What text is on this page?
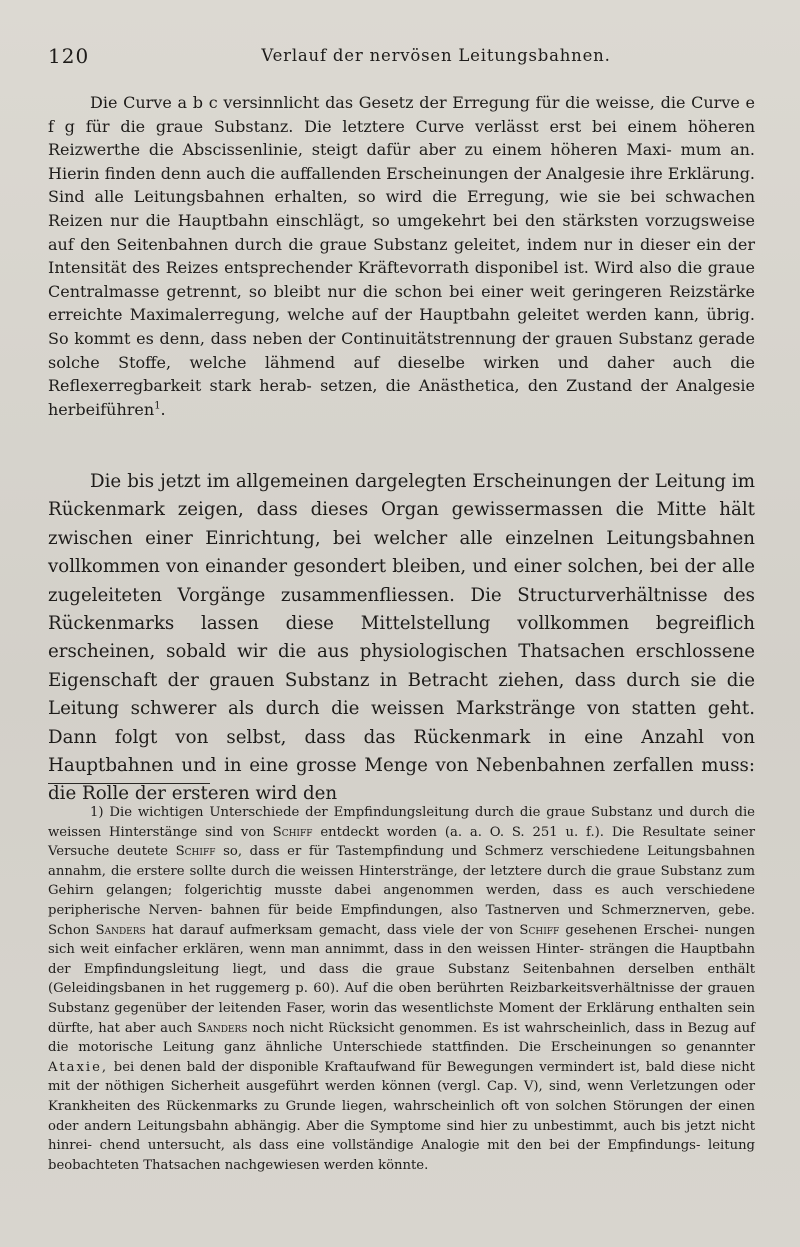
120	Verlauf der nervösen Leitungsbahnen.

Die Curve a b c versinnlicht das Gesetz der Erregung für die weisse, die Curve e f g für die graue Substanz. Die letztere Curve verlässt erst bei einem höheren Reizwerthe die Abscissenlinie, steigt dafür aber zu einem höheren Maxi- mum an. Hierin finden denn auch die auffallenden Erscheinungen der Analgesie ihre Erklärung. Sind alle Leitungsbahnen erhalten, so wird die Erregung, wie sie bei schwachen Reizen nur die Hauptbahn einschlägt, so umgekehrt bei den stärksten vorzugsweise auf den Seitenbahnen durch die graue Substanz geleitet, indem nur in dieser ein der Intensität des Reizes entsprechender Kräftevorrath disponibel ist. Wird also die graue Centralmasse getrennt, so bleibt nur die schon bei einer weit geringeren Reizstärke erreichte Maximalerregung, welche auf der Hauptbahn geleitet werden kann, übrig. So kommt es denn, dass neben der Continuitätstrennung der grauen Substanz gerade solche Stoffe, welche lähmend auf dieselbe wirken und daher auch die Reflexerregbarkeit stark herab- setzen, die Anästhetica, den Zustand der Analgesie herbeiführen$^1$.

Die bis jetzt im allgemeinen dargelegten Erscheinungen der Leitung im Rückenmark zeigen, dass dieses Organ gewissermassen die Mitte hält zwischen einer Einrichtung, bei welcher alle einzelnen Leitungsbahnen vollkommen von einander gesondert bleiben, und einer solchen, bei der alle zugeleiteten Vorgänge zusammenfliessen. Die Structurverhältnisse des Rückenmarks lassen diese Mittelstellung vollkommen begreiflich erscheinen, sobald wir die aus physiologischen Thatsachen erschlossene Eigenschaft der grauen Substanz in Betracht ziehen, dass durch sie die Leitung schwerer als durch die weissen Markstränge von statten geht. Dann folgt von selbst, dass das Rückenmark in eine Anzahl von Hauptbahnen und in eine grosse Menge von Nebenbahnen zerfallen muss: die Rolle der ersteren wird den

1) Die wichtigen Unterschiede der Empfindungsleitung durch die graue Substanz und durch die weissen Hinterstänge sind von Schiff entdeckt worden (a. a. O. S. 251 u. f.). Die Resultate seiner Versuche deutete Schiff so, dass er für Tastempfindung und Schmerz verschiedene Leitungsbahnen annahm, die erstere sollte durch die weissen Hinterstränge, der letztere durch die graue Substanz zum Gehirn gelangen; folgerichtig musste dabei angenommen werden, dass es auch verschiedene peripherische Nerven- bahnen für beide Empfindungen, also Tastnerven und Schmerznerven, gebe. Schon Sanders hat darauf aufmerksam gemacht, dass viele der von Schiff gesehenen Erschei- nungen sich weit einfacher erklären, wenn man annimmt, dass in den weissen Hinter- strängen die Hauptbahn der Empfindungsleitung liegt, und dass die graue Substanz Seitenbahnen derselben enthält (Geleidingsbanen in het ruggemerg p. 60). Auf die oben berührten Reizbarkeitsverhältnisse der grauen Substanz gegenüber der leitenden Faser, worin das wesentlichste Moment der Erklärung enthalten sein dürfte, hat aber auch Sanders noch nicht Rücksicht genommen. Es ist wahrscheinlich, dass in Bezug auf die motorische Leitung ganz ähnliche Unterschiede stattfinden. Die Erscheinungen so genannter Ataxie, bei denen bald der disponible Kraftaufwand für Bewegungen vermindert ist, bald diese nicht mit der nöthigen Sicherheit ausgeführt werden können (vergl. Cap. V), sind, wenn Verletzungen oder Krankheiten des Rückenmarks zu Grunde liegen, wahrscheinlich oft von solchen Störungen der einen oder andern Leitungsbahn abhängig. Aber die Symptome sind hier zu unbestimmt, auch bis jetzt nicht hinrei- chend untersucht, als dass eine vollständige Analogie mit den bei der Empfindungs- leitung beobachteten Thatsachen nachgewiesen werden könnte.
